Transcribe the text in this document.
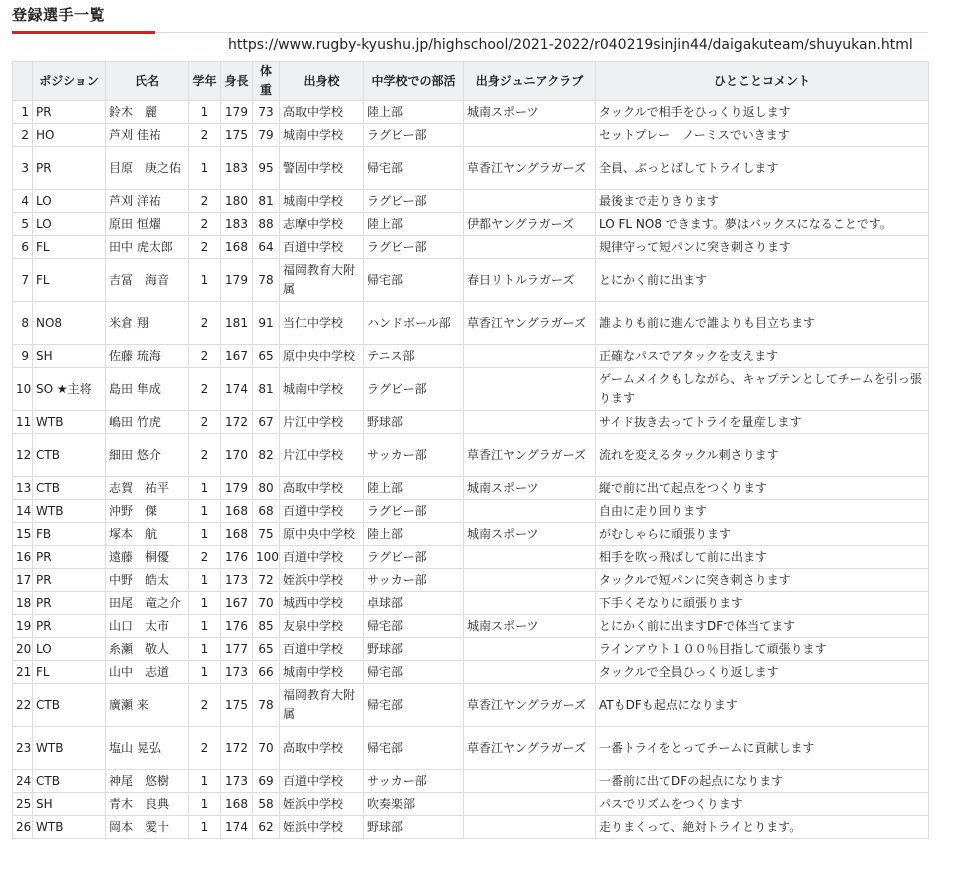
登録選手一覧
https://www.rugby-kyushu.jp/highschool/2021-2022/r040219sinjin44/daigakuteam/shuyukan.html
	ポジション	氏名	学年	身長	体重	出身校	中学校での部活	出身ジュニアクラブ	ひとことコメント
1	PR	鈴木　麗	1	179	73	高取中学校	陸上部	城南スポーツ	タックルで相手をひっくり返します
2	HO	芦刈 佳祐	2	175	79	城南中学校	ラグビー部		セットプレー　ノーミスでいきます
3	PR	目原　庚之佑	1	183	95	警固中学校	帰宅部	草香江ヤングラガーズ	全員、ぶっとばしてトライします
4	LO	芦刈 洋祐	2	180	81	城南中学校	ラグビー部		最後まで走りきります
5	LO	原田 恒燿	2	183	88	志摩中学校	陸上部	伊都ヤングラガーズ	LO FL NO8 できます。夢はバックスになることです。
6	FL	田中 虎太郎	2	168	64	百道中学校	ラグビー部		規律守って短パンに突き刺さります
7	FL	吉冨　海音	1	179	78	福岡教育大附属	帰宅部	春日リトルラガーズ	とにかく前に出ます
8	NO8	米倉 翔	2	181	91	当仁中学校	ハンドボール部	草香江ヤングラガーズ	誰よりも前に進んで誰よりも目立ちます
9	SH	佐藤 琉海	2	167	65	原中央中学校	テニス部		正確なパスでアタックを支えます
10	SO ★主将	島田 隼成	2	174	81	城南中学校	ラグビー部		ゲームメイクもしながら、キャプテンとしてチームを引っ張ります
11	WTB	嶋田 竹虎	2	172	67	片江中学校	野球部		サイド抜き去ってトライを量産します
12	CTB	細田 悠介	2	170	82	片江中学校	サッカー部	草香江ヤングラガーズ	流れを変えるタックル刺さります
13	CTB	志賀　祐平	1	179	80	高取中学校	陸上部	城南スポーツ	縦で前に出て起点をつくります
14	WTB	沖野　傑	1	168	68	百道中学校	ラグビー部		自由に走り回ります
15	FB	塚本　航	1	168	75	原中央中学校	陸上部	城南スポーツ	がむしゃらに頑張ります
16	PR	遠藤　桐優	2	176	100	百道中学校	ラグビー部		相手を吹っ飛ばして前に出ます
17	PR	中野　皓太	1	173	72	姪浜中学校	サッカー部		タックルで短パンに突き刺さります
18	PR	田尾　竜之介	1	167	70	城西中学校	卓球部		下手くそなりに頑張ります
19	PR	山口　太市	1	176	85	友泉中学校	帰宅部	城南スポーツ	とにかく前に出ますDFで体当てます
20	LO	糸瀬　敬人	1	177	65	百道中学校	野球部		ラインアウト１００％目指して頑張ります
21	FL	山中　志道	1	173	66	城南中学校	帰宅部		タックルで全員ひっくり返します
22	CTB	廣瀬 来	2	175	78	福岡教育大附属	帰宅部	草香江ヤングラガーズ	ATもDFも起点になります
23	WTB	塩山 晃弘	2	172	70	高取中学校	帰宅部	草香江ヤングラガーズ	一番トライをとってチームに貢献します
24	CTB	神尾　悠樹	1	173	69	百道中学校	サッカー部		一番前に出てDFの起点になります
25	SH	青木　良典	1	168	58	姪浜中学校	吹奏楽部		パスでリズムをつくります
26	WTB	岡本　愛十	1	174	62	姪浜中学校	野球部		走りまくって、絶対トライとります。
